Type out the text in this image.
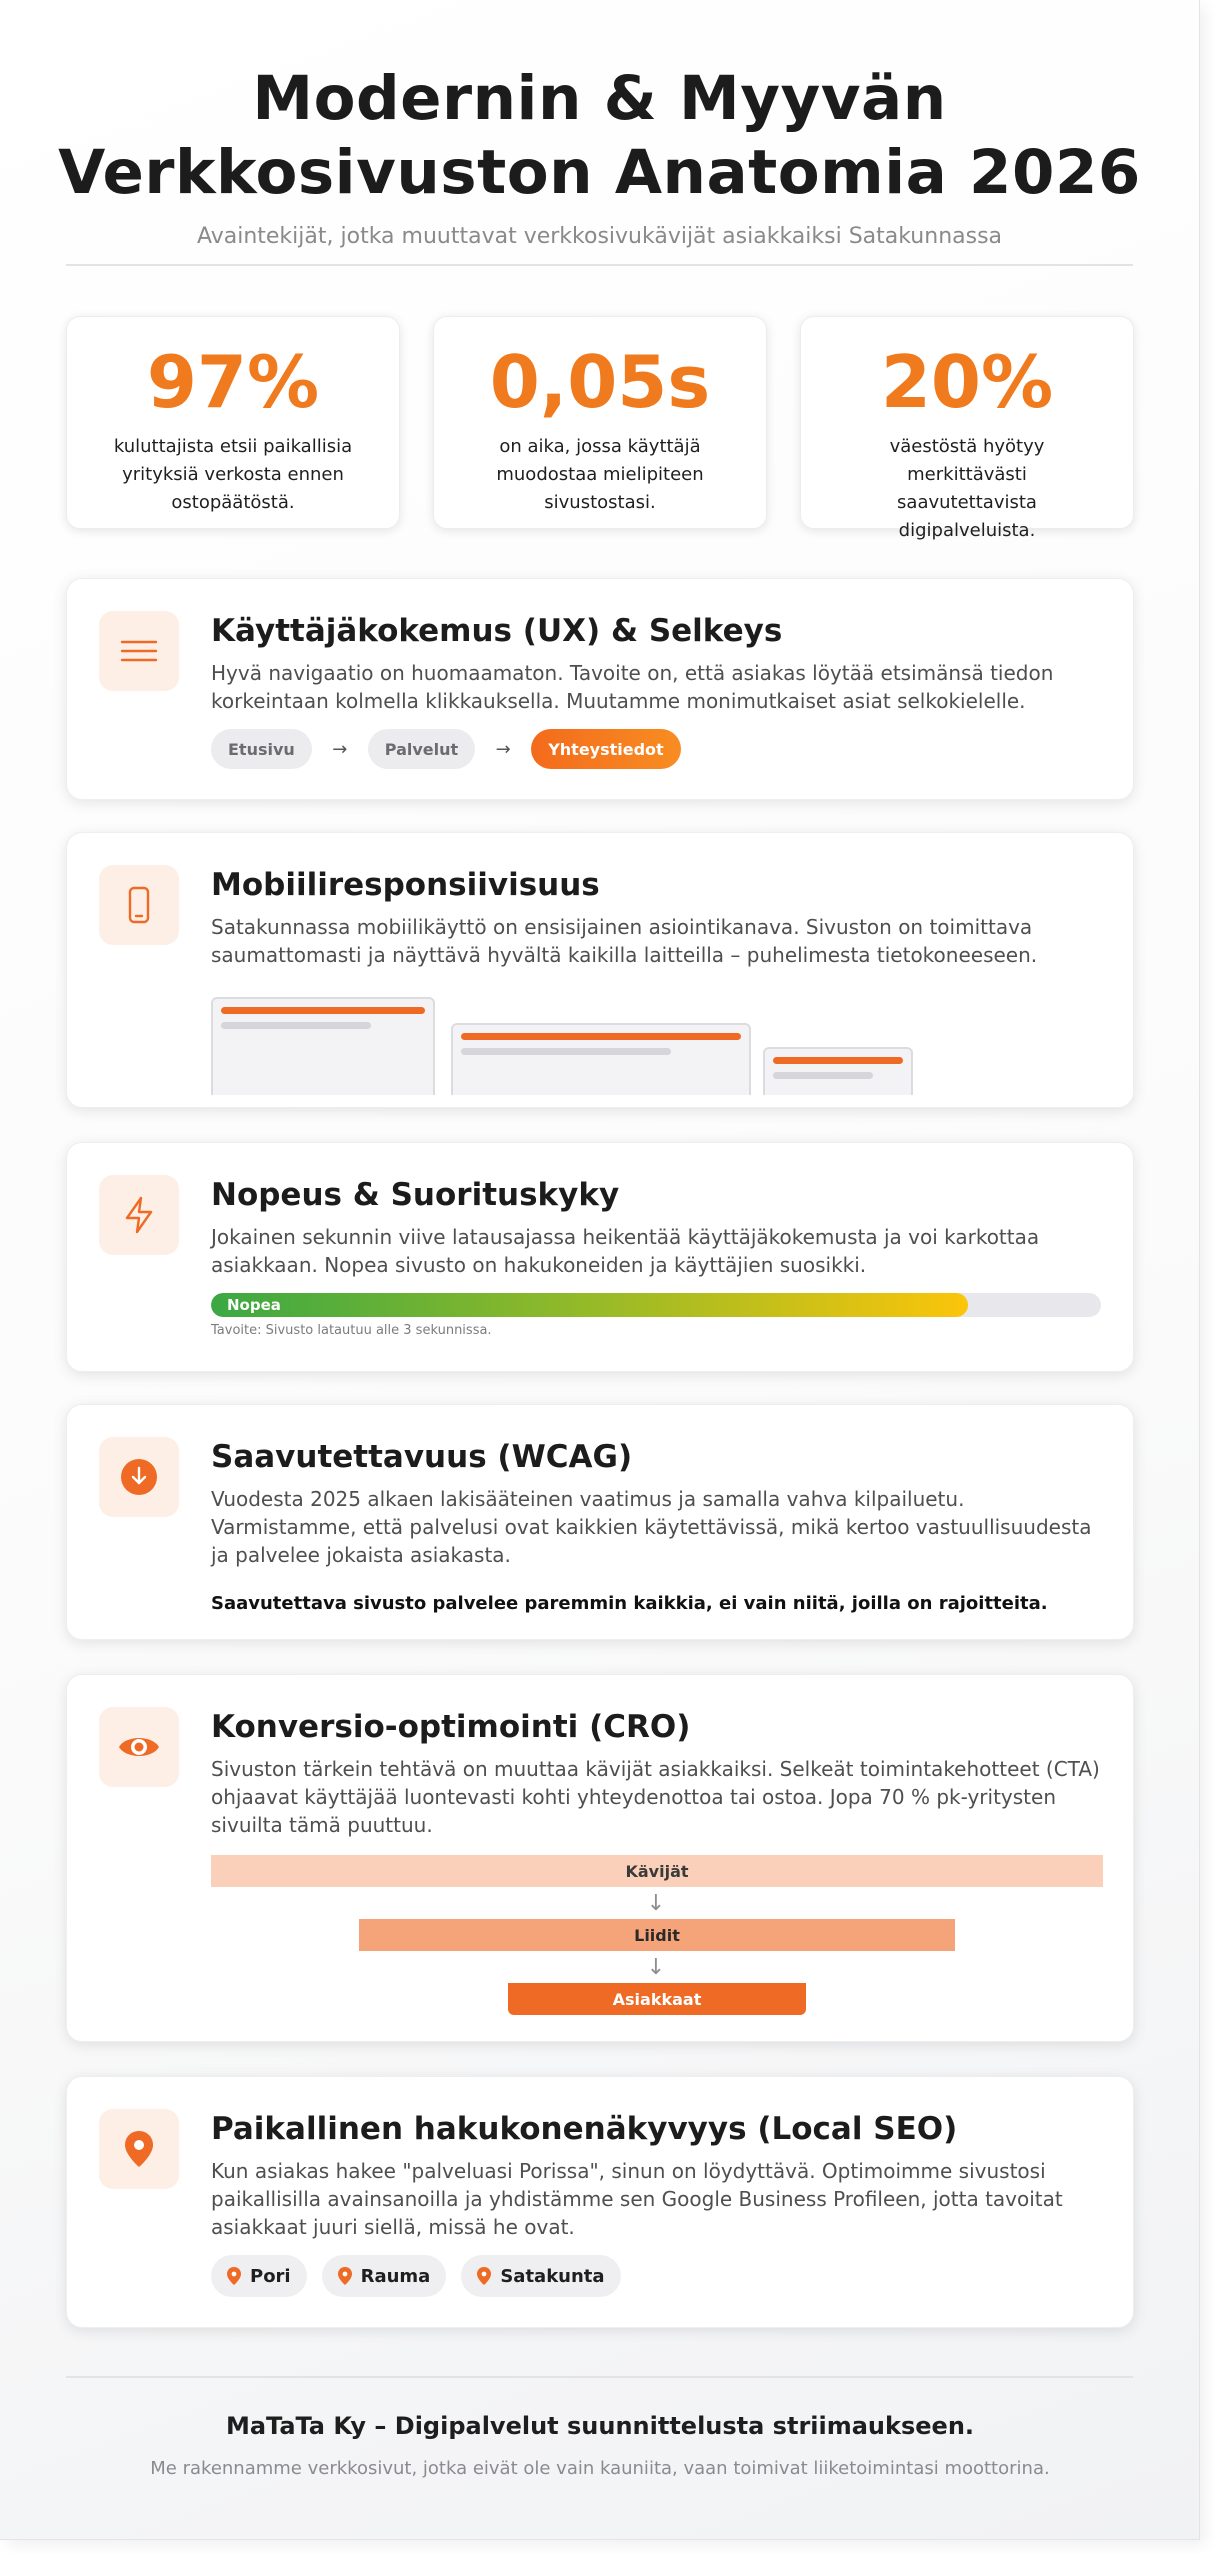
Modernin & Myyvän
Verkkosivuston Anatomia 2026
Avaintekijät, jotka muuttavat verkkosivukävijät asiakkaiksi Satakunnassa
97%
kuluttajista etsii paikallisia yrityksiä verkosta ennen ostopäätöstä.
0,05s
on aika, jossa käyttäjä muodostaa mielipiteen sivustostasi.
20%
väestöstä hyötyy merkittävästi saavutettavista digipalveluista.
Käyttäjäkokemus (UX) & Selkeys
Hyvä navigaatio on huomaamaton. Tavoite on, että asiakas löytää etsimänsä tiedon korkeintaan kolmella klikkauksella. Muutamme monimutkaiset asiat selkokielelle.
Etusivu	→	Palvelut	→	Yhteystiedot
Mobiiliresponsiivisuus
Satakunnassa mobiilikäyttö on ensisijainen asiointikanava. Sivuston on toimittava saumattomasti ja näyttävä hyvältä kaikilla laitteilla – puhelimesta tietokoneeseen.
Nopeus & Suorituskyky
Jokainen sekunnin viive latausajassa heikentää käyttäjäkokemusta ja voi karkottaa asiakkaan. Nopea sivusto on hakukoneiden ja käyttäjien suosikki.
Nopea
Tavoite: Sivusto latautuu alle 3 sekunnissa.
Saavutettavuus (WCAG)
Vuodesta 2025 alkaen lakisääteinen vaatimus ja samalla vahva kilpailuetu. Varmistamme, että palvelusi ovat kaikkien käytettävissä, mikä kertoo vastuullisuudesta ja palvelee jokaista asiakasta.
Saavutettava sivusto palvelee paremmin kaikkia, ei vain niitä, joilla on rajoitteita.
Konversio-optimointi (CRO)
Sivuston tärkein tehtävä on muuttaa kävijät asiakkaiksi. Selkeät toimintakehotteet (CTA) ohjaavat käyttäjää luontevasti kohti yhteydenottoa tai ostoa. Jopa 70 % pk-yritysten sivuilta tämä puuttuu.
Kävijät
↓
Liidit
↓
Asiakkaat
Paikallinen hakukonenäkyvyys (Local SEO)
Kun asiakas hakee "palveluasi Porissa", sinun on löydyttävä. Optimoimme sivustosi paikallisilla avainsanoilla ja yhdistämme sen Google Business Profileen, jotta tavoitat asiakkaat juuri siellä, missä he ovat.
Pori	Rauma	Satakunta
MaTaTa Ky – Digipalvelut suunnittelusta striimaukseen.
Me rakennamme verkkosivut, jotka eivät ole vain kauniita, vaan toimivat liiketoimintasi moottorina.
